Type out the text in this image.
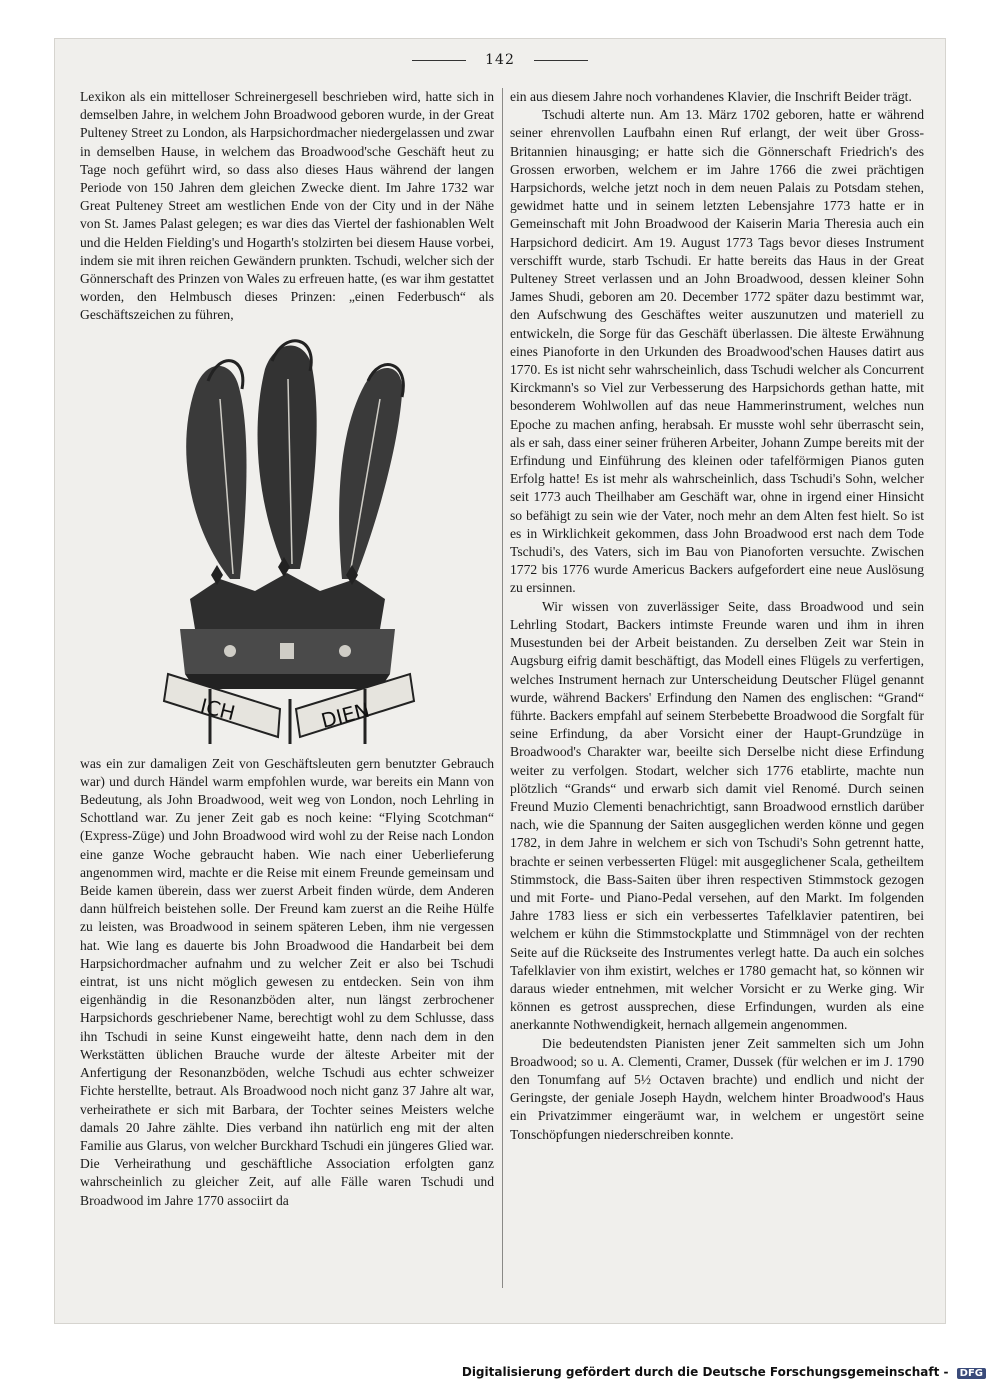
142

Lexikon als ein mittelloser Schreinergesell beschrieben wird, hatte sich in demselben Jahre, in welchem John Broadwood geboren wurde, in der Great Pulteney Street zu London, als Harpsichordmacher niedergelassen und zwar in demselben Hause, in welchem das Broadwood'sche Geschäft heut zu Tage noch geführt wird, so dass also dieses Haus während der langen Periode von 150 Jahren dem gleichen Zwecke dient. Im Jahre 1732 war Great Pulteney Street am westlichen Ende von der City und in der Nähe von St. James Palast gelegen; es war dies das Viertel der fashionablen Welt und die Helden Fielding's und Hogarth's stolzirten bei diesem Hause vorbei, indem sie mit ihren reichen Gewändern prunkten. Tschudi, welcher sich der Gönnerschaft des Prinzen von Wales zu erfreuen hatte, (es war ihm gestattet worden, den Helmbusch dieses Prinzen: „einen Federbusch“ als Geschäftszeichen zu führen,

ICH	DIEN

was ein zur damaligen Zeit von Geschäftsleuten gern benutzter Gebrauch war) und durch Händel warm empfohlen wurde, war bereits ein Mann von Bedeutung, als John Broadwood, weit weg von London, noch Lehrling in Schottland war. Zu jener Zeit gab es noch keine: “Flying Scotchman“ (Express-Züge) und John Broadwood wird wohl zu der Reise nach London eine ganze Woche gebraucht haben. Wie nach einer Ueberlieferung angenommen wird, machte er die Reise mit einem Freunde gemeinsam und Beide kamen überein, dass wer zuerst Arbeit finden würde, dem Anderen dann hülfreich beistehen solle. Der Freund kam zuerst an die Reihe Hülfe zu leisten, was Broadwood in seinem späteren Leben, ihm nie vergessen hat. Wie lang es dauerte bis John Broadwood die Handarbeit bei dem Harpsichordmacher aufnahm und zu welcher Zeit er also bei Tschudi eintrat, ist uns nicht möglich gewesen zu entdecken. Sein von ihm eigenhändig in die Resonanzböden alter, nun längst zerbrochener Harpsichords geschriebener Name, berechtigt wohl zu dem Schlusse, dass ihn Tschudi in seine Kunst eingeweiht hatte, denn nach dem in den Werkstätten üblichen Brauche wurde der älteste Arbeiter mit der Anfertigung der Resonanzböden, welche Tschudi aus echter schweizer Fichte herstellte, betraut. Als Broadwood noch nicht ganz 37 Jahre alt war, verheirathete er sich mit Barbara, der Tochter seines Meisters welche damals 20 Jahre zählte. Dies verband ihn natürlich eng mit der alten Familie aus Glarus, von welcher Burckhard Tschudi ein jüngeres Glied war. Die Verheirathung und geschäftliche Association erfolgten ganz wahrscheinlich zu gleicher Zeit, auf alle Fälle waren Tschudi und Broadwood im Jahre 1770 associirt da

ein aus diesem Jahre noch vorhandenes Klavier, die Inschrift Beider trägt.

Tschudi alterte nun. Am 13. März 1702 geboren, hatte er während seiner ehrenvollen Laufbahn einen Ruf erlangt, der weit über Gross-Britannien hinausging; er hatte sich die Gönnerschaft Friedrich's des Grossen erworben, welchem er im Jahre 1766 die zwei prächtigen Harpsichords, welche jetzt noch in dem neuen Palais zu Potsdam stehen, gewidmet hatte und in seinem letzten Lebensjahre 1773 hatte er in Gemeinschaft mit John Broadwood der Kaiserin Maria Theresia auch ein Harpsichord dedicirt. Am 19. August 1773 Tags bevor dieses Instrument verschifft wurde, starb Tschudi. Er hatte bereits das Haus in der Great Pulteney Street verlassen und an John Broadwood, dessen kleiner Sohn James Shudi, geboren am 20. December 1772 später dazu bestimmt war, den Aufschwung des Geschäftes weiter auszunutzen und materiell zu entwickeln, die Sorge für das Geschäft überlassen. Die älteste Erwähnung eines Pianoforte in den Urkunden des Broadwood'schen Hauses datirt aus 1770. Es ist nicht sehr wahrscheinlich, dass Tschudi welcher als Concurrent Kirckmann's so Viel zur Verbesserung des Harpsichords gethan hatte, mit besonderem Wohlwollen auf das neue Hammerinstrument, welches nun Epoche zu machen anfing, herabsah. Er musste wohl sehr überrascht sein, als er sah, dass einer seiner früheren Arbeiter, Johann Zumpe bereits mit der Erfindung und Einführung des kleinen oder tafelförmigen Pianos guten Erfolg hatte! Es ist mehr als wahrscheinlich, dass Tschudi's Sohn, welcher seit 1773 auch Theilhaber am Geschäft war, ohne in irgend einer Hinsicht so befähigt zu sein wie der Vater, noch mehr an dem Alten fest hielt. So ist es in Wirklichkeit gekommen, dass John Broadwood erst nach dem Tode Tschudi's, des Vaters, sich im Bau von Pianoforten versuchte. Zwischen 1772 bis 1776 wurde Americus Backers aufgefordert eine neue Auslösung zu ersinnen.

Wir wissen von zuverlässiger Seite, dass Broadwood und sein Lehrling Stodart, Backers intimste Freunde waren und ihm in ihren Musestunden bei der Arbeit beistanden. Zu derselben Zeit war Stein in Augsburg eifrig damit beschäftigt, das Modell eines Flügels zu verfertigen, welches Instrument hernach zur Unterscheidung Deutscher Flügel genannt wurde, während Backers' Erfindung den Namen des englischen: “Grand“ führte. Backers empfahl auf seinem Sterbebette Broadwood die Sorgfalt für seine Erfindung, da aber Vorsicht einer der Haupt-Grundzüge in Broadwood's Charakter war, beeilte sich Derselbe nicht diese Erfindung weiter zu verfolgen. Stodart, welcher sich 1776 etablirte, machte nun plötzlich “Grands“ und erwarb sich damit viel Renomé. Durch seinen Freund Muzio Clementi benachrichtigt, sann Broadwood ernstlich darüber nach, wie die Spannung der Saiten ausgeglichen werden könne und gegen 1782, in dem Jahre in welchem er sich von Tschudi's Sohn getrennt hatte, brachte er seinen verbesserten Flügel: mit ausgeglichener Scala, getheiltem Stimmstock, die Bass-Saiten über ihren respectiven Stimmstock gezogen und mit Forte- und Piano-Pedal versehen, auf den Markt. Im folgenden Jahre 1783 liess er sich ein verbessertes Tafelklavier patentiren, bei welchem er kühn die Stimmstockplatte und Stimmnägel von der rechten Seite auf die Rückseite des Instrumentes verlegt hatte. Da auch ein solches Tafelklavier von ihm existirt, welches er 1780 gemacht hat, so können wir daraus wieder entnehmen, mit welcher Vorsicht er zu Werke ging. Wir können es getrost aussprechen, diese Erfindungen, wurden als eine anerkannte Nothwendigkeit, hernach allgemein angenommen.

Die bedeutendsten Pianisten jener Zeit sammelten sich um John Broadwood; so u. A. Clementi, Cramer, Dussek (für welchen er im J. 1790 den Tonumfang auf 5½ Octaven brachte) und endlich und nicht der Geringste, der geniale Joseph Haydn, welchem hinter Broadwood's Haus ein Privatzimmer eingeräumt war, in welchem er ungestört seine Tonschöpfungen niederschreiben konnte.

Digitalisierung gefördert durch die Deutsche Forschungsgemeinschaft - DFG
